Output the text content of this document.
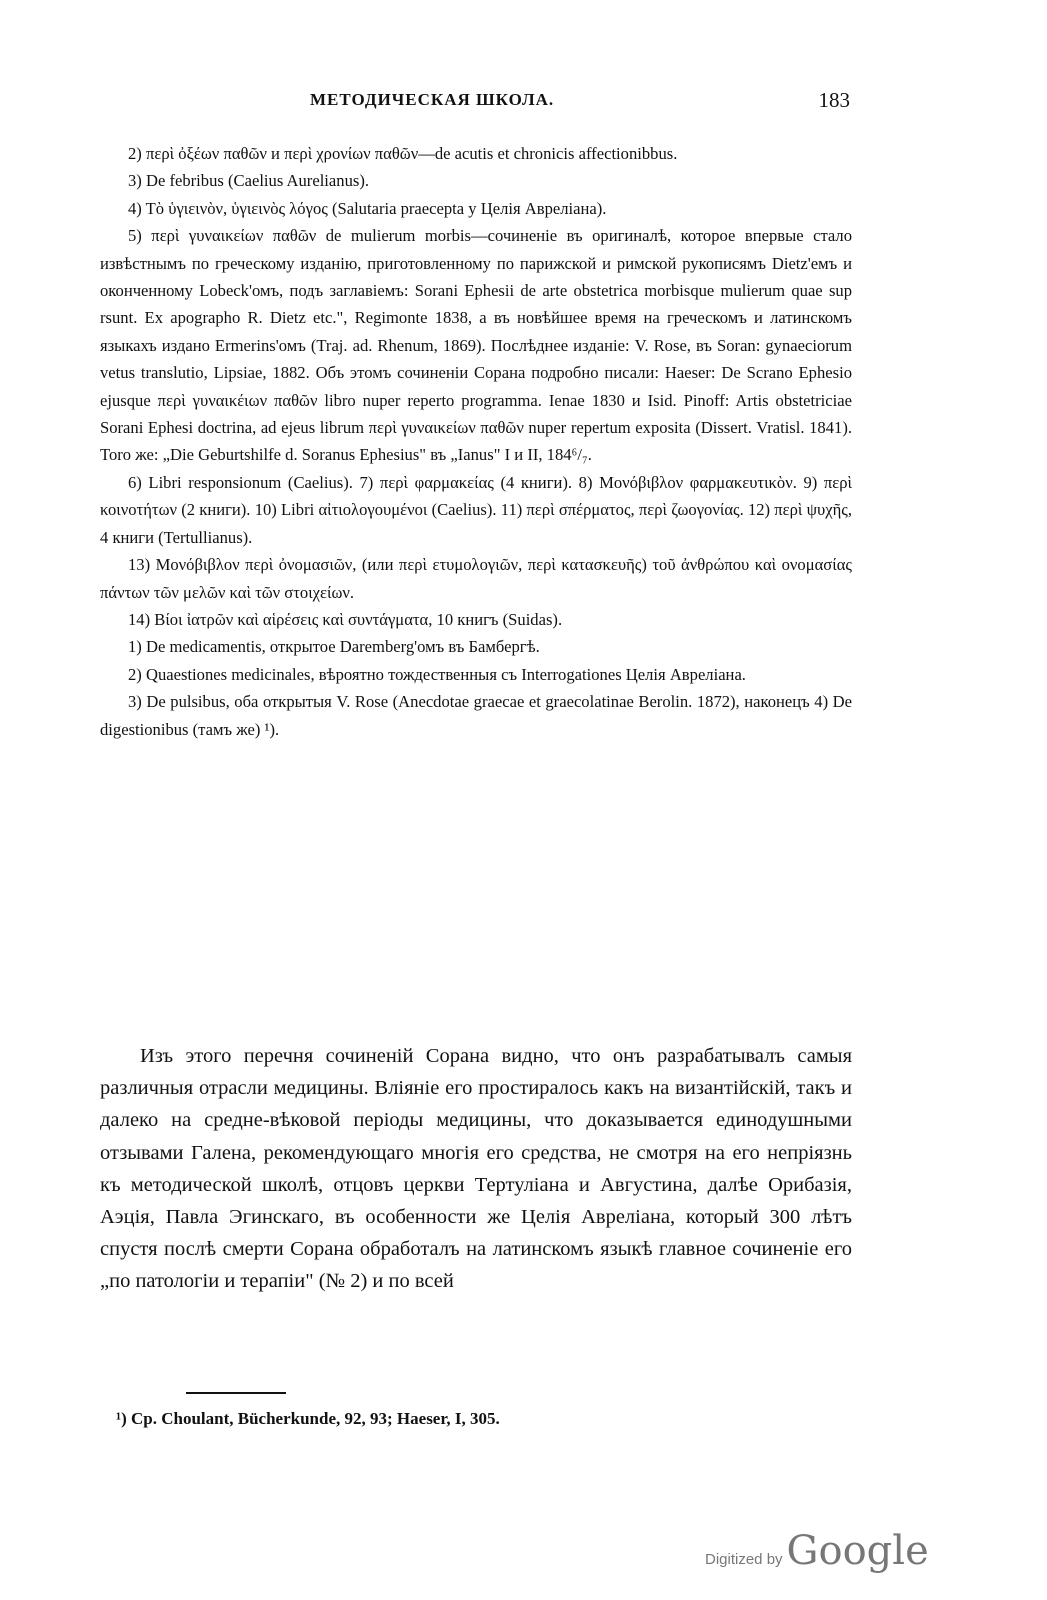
МЕТОДИЧЕСКАЯ ШКОЛА.	183

2) περὶ ὀξέων παθῶν и περὶ χρονίων παθῶν—de acutis et chronicis affectionibbus.

3) De febribus (Caelius Aurelianus).

4) Τὸ ὑγιεινὸν, ὑγιεινὸς λόγος (Salutaria praecepta у Целія Авреліана).

5) περὶ γυναικείων παθῶν de mulierum morbis—сочиненіе въ оригиналѣ, которое впервые стало извѣстнымъ по греческому изданію, приготовленному по парижской и римской рукописямъ Dietz'емъ и оконченному Lobeck'омъ, подъ заглавіемъ: Sorani Ephesii de arte obstetrica morbisque mulierum quae sup rsunt. Ex apographo R. Dietz etc.", Regimonte 1838, а въ новѣйшее время на греческомъ и латинскомъ языкахъ издано Ermerins'омъ (Traj. ad. Rhenum, 1869). Послѣднее изданіе: V. Rose, въ Soran: gynaeciorum vetus translutio, Lipsiae, 1882. Объ этомъ сочиненіи Сорана подробно писали: Haeser: De Scrano Ephesio ejusque περὶ γυναικέιων παθῶν libro nuper reperto programma. Ienae 1830 и Isid. Pinoff: Artis obstetriciae Sorani Ephesi doctrina, ad ejeus librum περὶ γυναικείων παθῶν nuper repertum exposita (Dissert. Vratisl. 1841). Toro же: „Die Geburtshilfe d. Soranus Ephesius" въ „Ianus" I и II, 184⁶/₇.

6) Libri responsionum (Caelius). 7) περὶ φαρμακείας (4 книги). 8) Μονόβιβλον φαρμακευτικὸν. 9) περὶ κοινοτήτων (2 книги). 10) Libri αἰτιολογουμένοι (Caelius). 11) περὶ σπέρματος, περὶ ζωογονίας. 12) περὶ ψυχῆς, 4 книги (Tertullianus).

13) Μονόβιβλον περὶ ὀνομασιῶν, (или περὶ ετυμολογιῶν, περὶ κατασκευῆς) τοῦ ἀνθρώπου καὶ ονομασίας πάντων τῶν μελῶν καὶ τῶν στοιχείων.

14) Βίοι ἰατρῶν καὶ αἱρέσεις καὶ συντάγματα, 10 книгъ (Suidas).

1) De medicamentis, открытое Daremberg'омъ въ Бамбергѣ.

2) Quaestiones medicinales, вѣроятно тождественныя съ Interrogationes Целія Авреліана.

3) De pulsibus, оба открытыя V. Rose (Anecdotae graecae et graecolatinae Berolin. 1872), наконецъ 4) De digestionibus (тамъ же) ¹).

Изъ этого перечня сочиненій Сорана видно, что онъ разрабатывалъ самыя различныя отрасли медицины. Вліяніе его простиралось какъ на византійскій, такъ и далеко на средне-вѣковой періоды медицины, что доказывается единодушными отзывами Галена, рекомендующаго многія его средства, не смотря на его непріязнь къ методической школѣ, отцовъ церкви Тертуліана и Августина, далѣе Орибазія, Аэція, Павла Эгинскаго, въ особенности же Целія Авреліана, который 300 лѣтъ спустя послѣ смерти Сорана обработалъ на латинскомъ языкѣ главное сочиненіе его „по патологіи и терапіи" (№ 2) и по всей

¹) Cp. Choulant, Bücherkunde, 92, 93; Haeser, I, 305.
Digitized by Google
